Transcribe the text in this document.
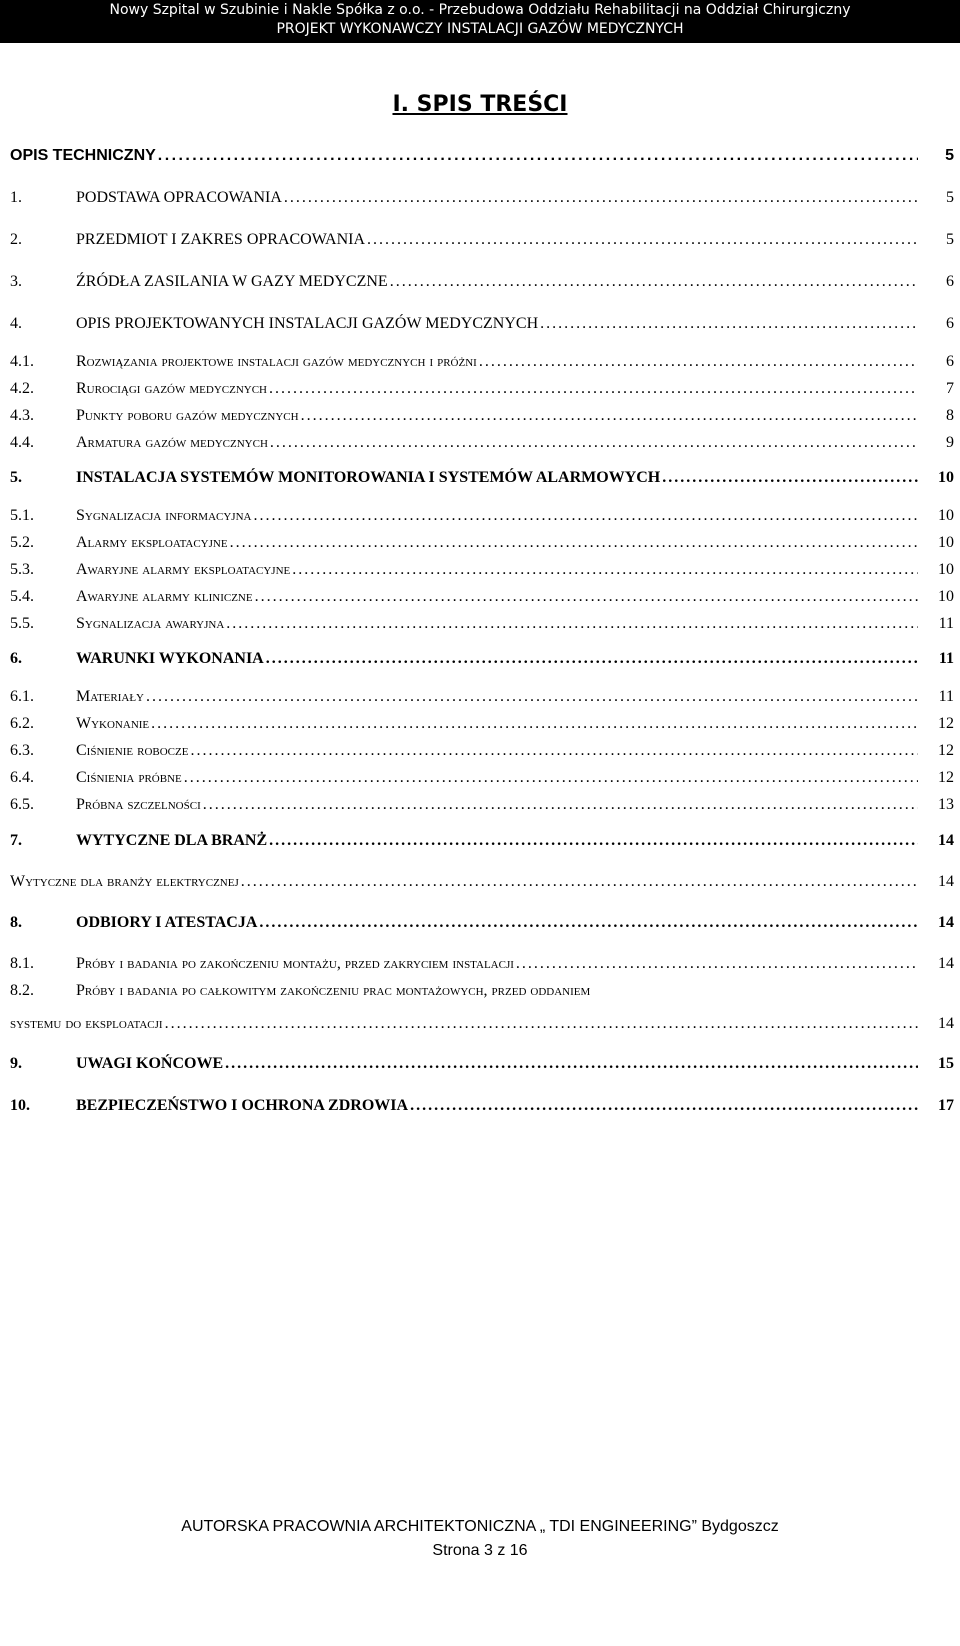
Nowy Szpital w Szubinie i Nakle Spółka z o.o. - Przebudowa Oddziału Rehabilitacji na Oddział Chirurgiczny
PROJEKT WYKONAWCZY INSTALACJI GAZÓW MEDYCZNYCH
I. SPIS TREŚCI
OPIS TECHNICZNY . . .	5
1.	PODSTAWA OPRACOWANIA . . .	5
2.	PRZEDMIOT I ZAKRES OPRACOWANIA . . .	5
3.	ŹRÓDŁA ZASILANIA W GAZY MEDYCZNE . . .	6
4.	OPIS PROJEKTOWANYCH INSTALACJI GAZÓW MEDYCZNYCH . . .	6
4.1.	Rozwiązania projektowe instalacji gazów medycznych i próżni . . .	6
4.2.	Rurociągi gazów medycznych . . .	7
4.3.	Punkty poboru gazów medycznych . . .	8
4.4.	Armatura gazów medycznych . . .	9
5.	INSTALACJA SYSTEMÓW MONITOROWANIA I SYSTEMÓW ALARMOWYCH . . .	10
5.1.	Sygnalizacja informacyjna . . .	10
5.2.	Alarmy eksploatacyjne . . .	10
5.3.	Awaryjne alarmy eksploatacyjne . . .	10
5.4.	Awaryjne alarmy kliniczne . . .	10
5.5.	Sygnalizacja awaryjna . . .	11
6.	WARUNKI WYKONANIA . . .	11
6.1.	Materiały . . .	11
6.2.	Wykonanie . . .	12
6.3.	Ciśnienie robocze . . .	12
6.4.	Ciśnienia próbne . . .	12
6.5.	Próbna szczelności . . .	13
7.	WYTYCZNE DLA BRANŻ . . .	14
Wytyczne dla branży elektrycznej . . .	14
8.	ODBIORY I ATESTACJA . . .	14
8.1.	Próby i badania po zakończeniu montażu, przed zakryciem instalacji . . .	14
8.2.	Próby i badania po całkowitym zakończeniu prac montażowych, przed oddaniem
systemu do eksploatacji . . .	14
9.	UWAGI KOŃCOWE . . .	15
10.	BEZPIECZEŃSTWO I OCHRONA ZDROWIA . . .	17
AUTORSKA PRACOWNIA ARCHITEKTONICZNA „ TDI ENGINEERING” Bydgoszcz
Strona 3 z 16
